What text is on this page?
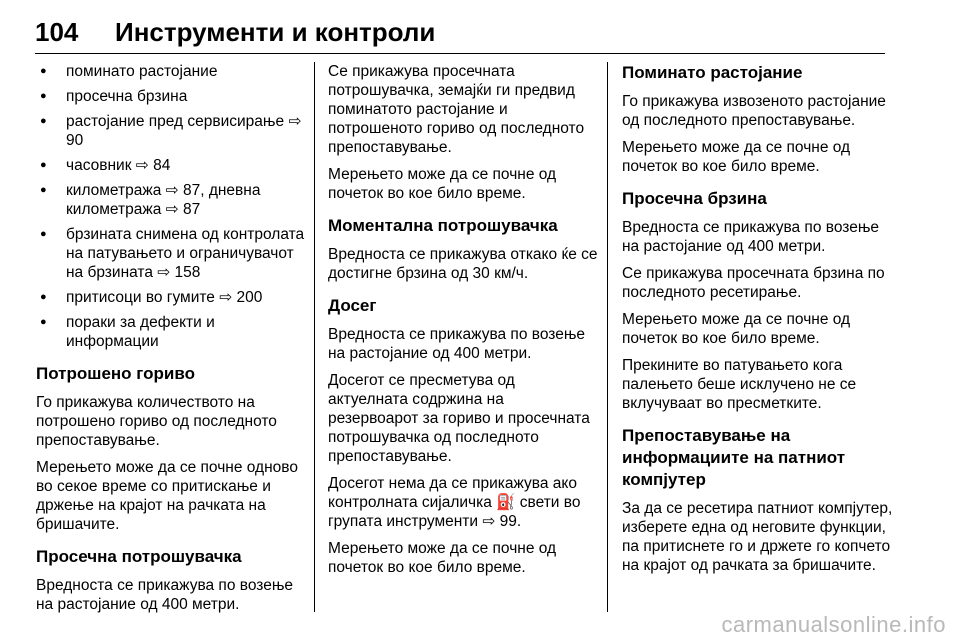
104 Инструменти и контроли
● поминато растојание
● просечна брзина
● растојание пред сервисирање ⇨ 90
● часовник ⇨ 84
● километража ⇨ 87, дневна километража ⇨ 87
● брзината снимена од контролата на патувањето и ограничувачот на брзината ⇨ 158
● притисоци во гумите ⇨ 200
● пораки за дефекти и информации
Потрошено гориво

Го прикажува количеството на потрошено гориво од последното препоставување.

Мерењето може да се почне одново во секое време со притискање и држење на крајот на рачката на бришачите.

Просечна потрошувачка

Вредноста се прикажува по возење на растојание од 400 метри.

Се прикажува просечната потрошувачка, земајќи ги предвид поминатото растојание и потрошеното гориво од последното препоставување.

Мерењето може да се почне од почеток во кое било време.

Моментална потрошувачка

Вредноста се прикажува откако ќе се достигне брзина од 30 км/ч.

Досег

Вредноста се прикажува по возење на растојание од 400 метри.

Досегот се пресметува од актуелната содржина на резервоарот за гориво и просечната потрошувачка од последното препоставување.

Досегот нема да се прикажува ако контролната сијаличка ⛽ свети во групата инструменти ⇨ 99.

Мерењето може да се почне од почеток во кое било време.

Поминато растојание

Го прикажува извозеното растојание од последното препоставување.

Мерењето може да се почне од почеток во кое било време.

Просечна брзина

Вредноста се прикажува по возење на растојание од 400 метри.

Се прикажува просечната брзина по последното ресетирање.

Мерењето може да се почне од почеток во кое било време.

Прекините во патувањето кога палењето беше исклучено не се вклучуваат во пресметките.

Препоставување на информациите на патниот компјутер

За да се ресетира патниот компјутер, изберете една од неговите функции, па притиснете го и држете го копчето на крајот од рачката за бришачите.

carmanualsonline.info
